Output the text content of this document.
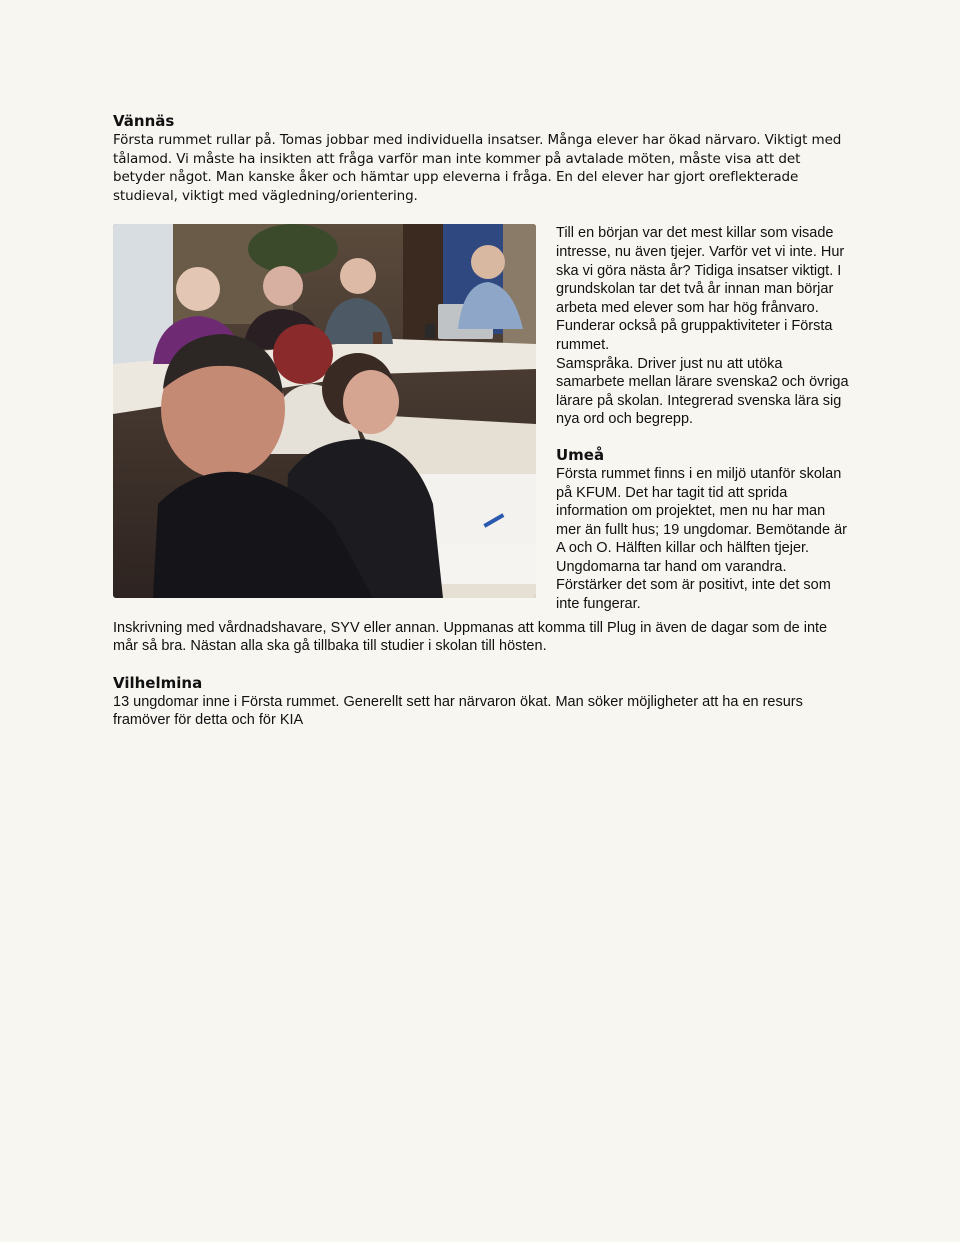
Vännäs

Första rummet rullar på. Tomas jobbar med individuella insatser. Många elever har ökad närvaro. Viktigt med tålamod. Vi måste ha insikten att fråga varför man inte kommer på avtalade möten, måste visa att det betyder något. Man kanske åker och hämtar upp eleverna i fråga. En del elever har gjort oreflekterade studieval, viktigt med vägledning/orientering.

Till en början var det mest killar som visade intresse, nu även tjejer. Varför vet vi inte. Hur ska vi göra nästa år? Tidiga insatser viktigt. I grundskolan tar det två år innan man börjar arbeta med elever som har hög frånvaro. Funderar också på gruppaktiviteter i Första rummet.

Samspråka. Driver just nu att utöka samarbete mellan lärare svenska2 och övriga lärare på skolan. Integrerad svenska lära sig nya ord och begrepp.

Umeå

Första rummet finns i en miljö utanför skolan på KFUM. Det har tagit tid att sprida information om projektet, men nu har man mer än fullt hus; 19 ungdomar. Bemötande är A och O. Hälften killar och hälften tjejer. Ungdomarna tar hand om varandra. Förstärker det som är positivt, inte det som inte fungerar.

Inskrivning med vårdnadshavare, SYV eller annan. Uppmanas att komma till Plug in även de dagar som de inte mår så bra. Nästan alla ska gå tillbaka till studier i skolan till hösten.

Vilhelmina

13 ungdomar inne i Första rummet. Generellt sett har närvaron ökat. Man söker möjligheter att ha en resurs framöver för detta och för KIA
